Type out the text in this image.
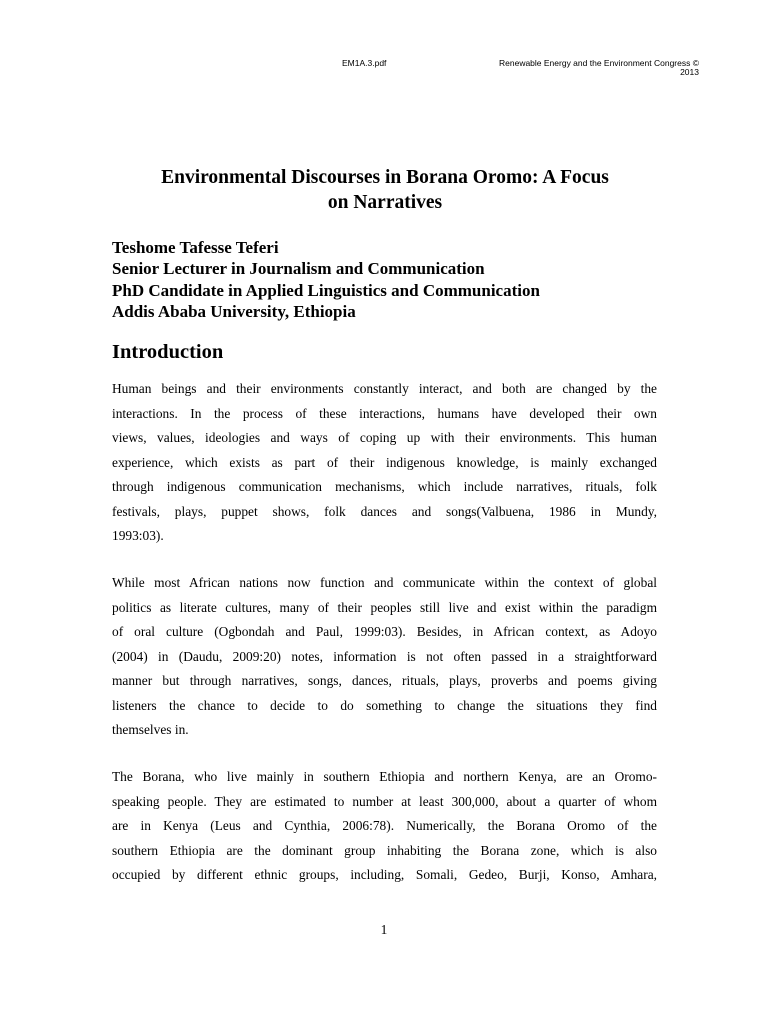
EM1A.3.pdf	Renewable Energy and the Environment Congress ©
2013
Environmental Discourses in Borana Oromo: A Focus
on Narratives
Teshome Tafesse Teferi
Senior Lecturer in Journalism and Communication
PhD Candidate in Applied Linguistics and Communication
Addis Ababa University, Ethiopia
Introduction
Human beings and their environments constantly interact, and both are changed by the
interactions. In the process of these interactions, humans have developed their own
views, values, ideologies and ways of coping up with their environments. This human
experience, which exists as part of their indigenous knowledge, is mainly exchanged
through indigenous communication mechanisms, which include narratives, rituals, folk
festivals, plays, puppet shows, folk dances and songs(Valbuena, 1986 in Mundy,
1993:03).
While most African nations now function and communicate within the context of global
politics as literate cultures, many of their peoples still live and exist within the paradigm
of oral culture (Ogbondah and Paul, 1999:03). Besides, in African context, as Adoyo
(2004) in (Daudu, 2009:20) notes, information is not often passed in a straightforward
manner but through narratives, songs, dances, rituals, plays, proverbs and poems giving
listeners the chance to decide to do something to change the situations they find
themselves in.
The Borana, who live mainly in southern Ethiopia and northern Kenya, are an Oromo-
speaking people. They are estimated to number at least 300,000, about a quarter of whom
are in Kenya (Leus and Cynthia, 2006:78). Numerically, the Borana Oromo of the
southern Ethiopia are the dominant group inhabiting the Borana zone, which is also
occupied by different ethnic groups, including, Somali, Gedeo, Burji, Konso, Amhara,
1
